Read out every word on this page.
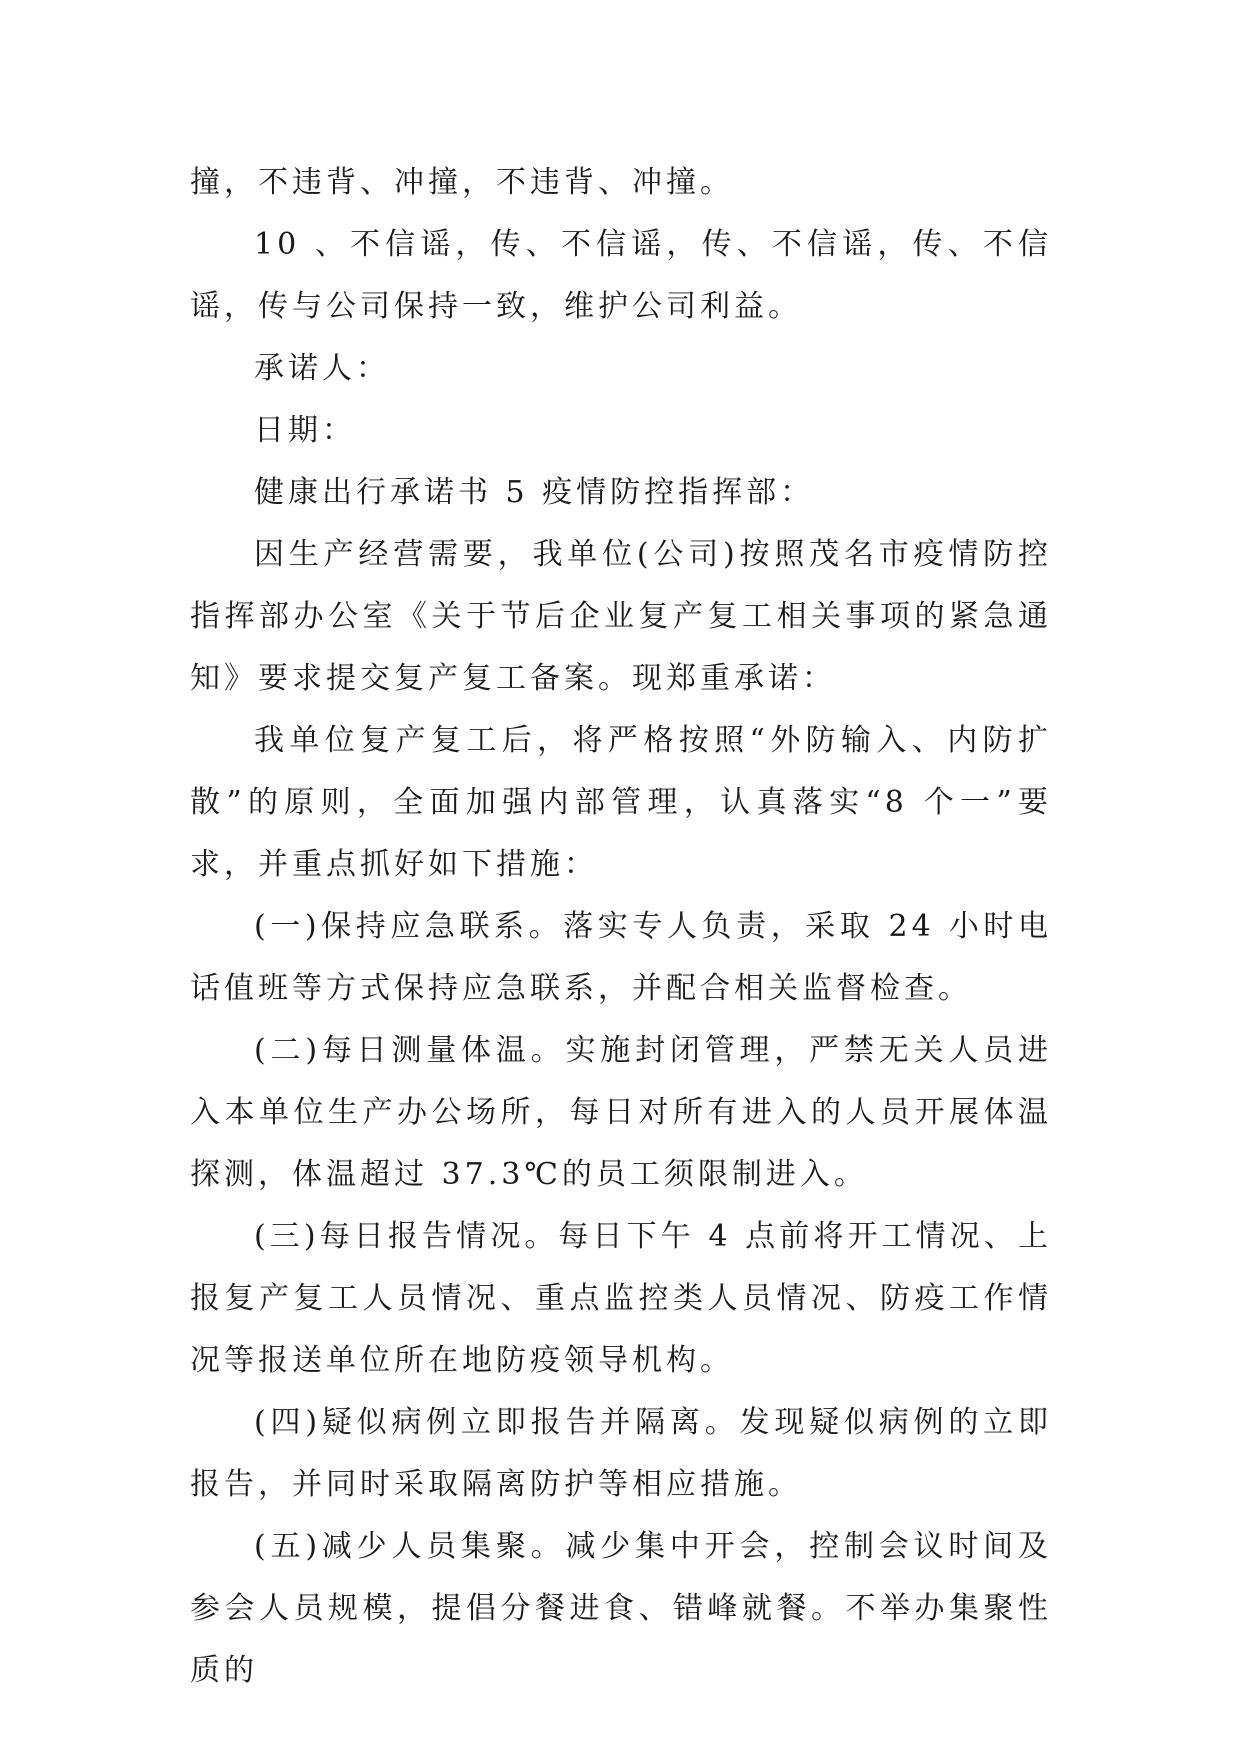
撞，不违背、冲撞，不违背、冲撞。

10 、不信谣，传、不信谣，传、不信谣，传、不信谣，传与公司保持一致，维护公司利益。

承诺人：

日期：

健康出行承诺书 5 疫情防控指挥部：

因生产经营需要，我单位(公司)按照茂名市疫情防控指挥部办公室《关于节后企业复产复工相关事项的紧急通知》要求提交复产复工备案。现郑重承诺：

我单位复产复工后，将严格按照“外防输入、内防扩散”的原则，全面加强内部管理，认真落实“8 个一”要求，并重点抓好如下措施：

(一)保持应急联系。落实专人负责，采取 24 小时电话值班等方式保持应急联系，并配合相关监督检查。

(二)每日测量体温。实施封闭管理，严禁无关人员进入本单位生产办公场所，每日对所有进入的人员开展体温探测，体温超过 37.3℃的员工须限制进入。

(三)每日报告情况。每日下午 4 点前将开工情况、上报复产复工人员情况、重点监控类人员情况、防疫工作情况等报送单位所在地防疫领导机构。

(四)疑似病例立即报告并隔离。发现疑似病例的立即报告，并同时采取隔离防护等相应措施。

(五)减少人员集聚。减少集中开会，控制会议时间及参会人员规模，提倡分餐进食、错峰就餐。不举办集聚性质的
